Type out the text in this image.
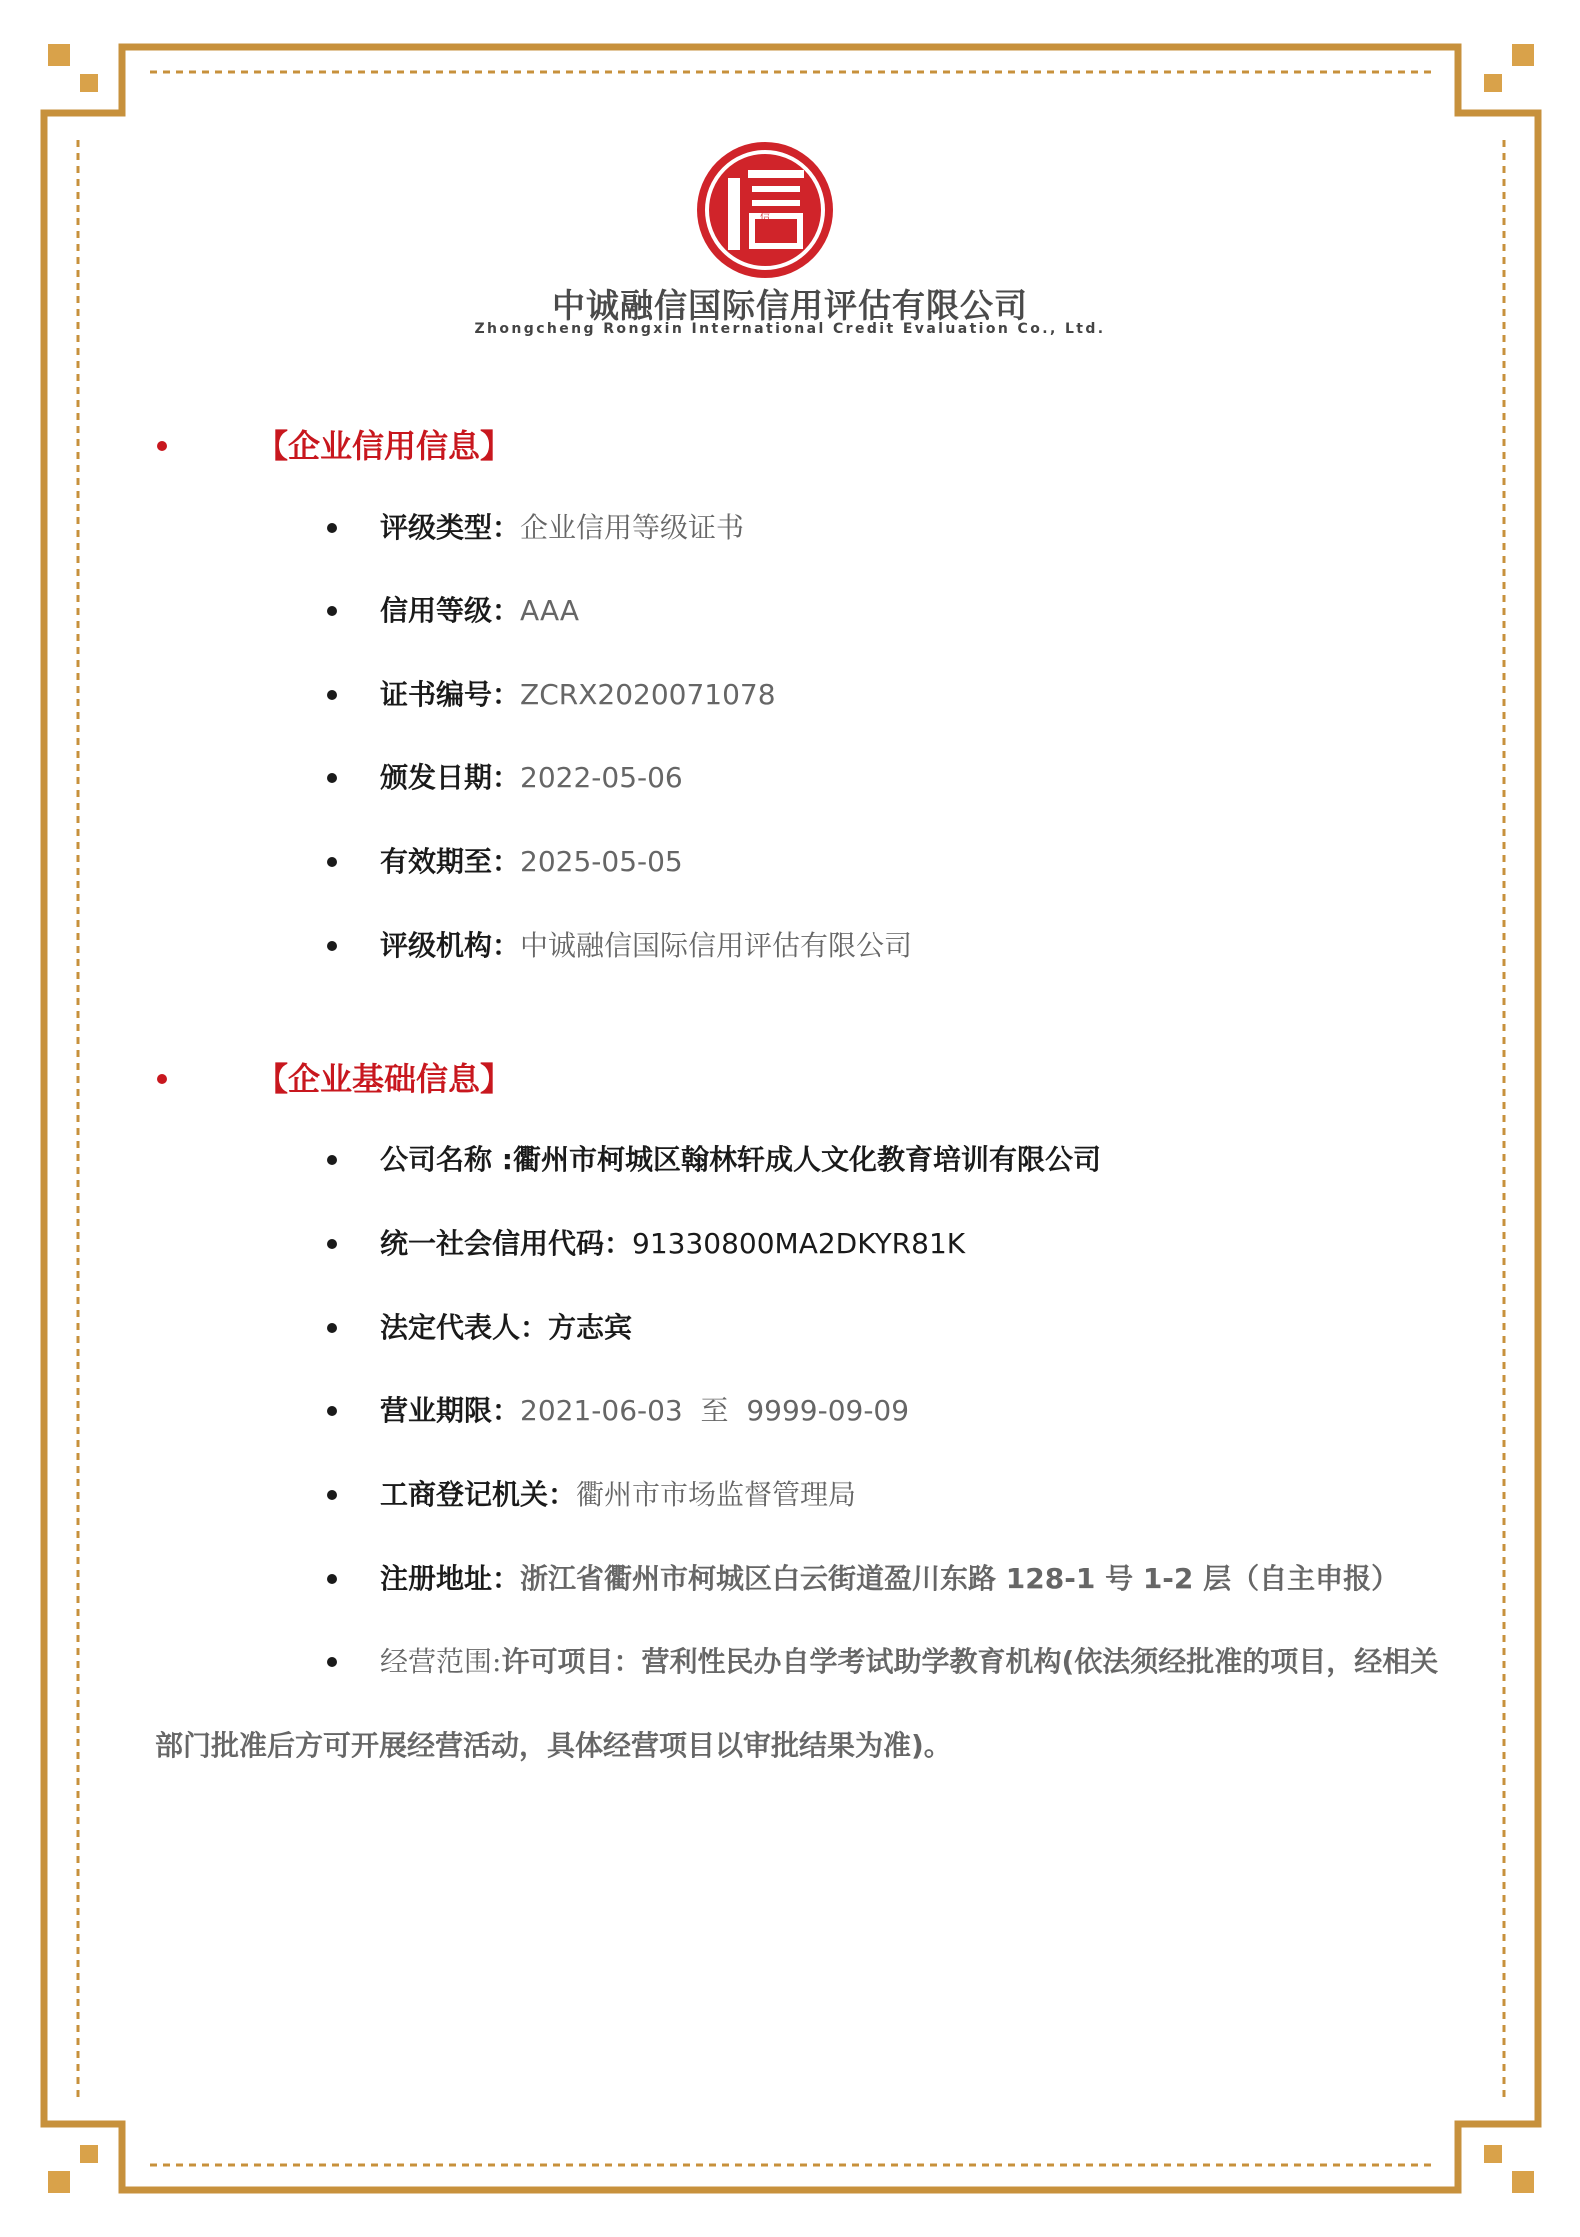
信
中诚融信国际信用评估有限公司
Zhongcheng Rongxin International Credit Evaluation Co., Ltd.
【企业信用信息】
评级类型：企业信用等级证书
信用等级：AAA
证书编号：ZCRX2020071078
颁发日期：2022-05-06
有效期至：2025-05-05
评级机构：中诚融信国际信用评估有限公司
【企业基础信息】
公司名称 :衢州市柯城区翰林轩成人文化教育培训有限公司
统一社会信用代码：91330800MA2DKYR81K
法定代表人：方志宾
营业期限：2021-06-03  至  9999-09-09
工商登记机关：衢州市市场监督管理局
注册地址：浙江省衢州市柯城区白云街道盈川东路 128-1 号 1-2 层（自主申报）
经营范围:许可项目：营利性民办自学考试助学教育机构(依法须经批准的项目，经相关
部门批准后方可开展经营活动，具体经营项目以审批结果为准)。
